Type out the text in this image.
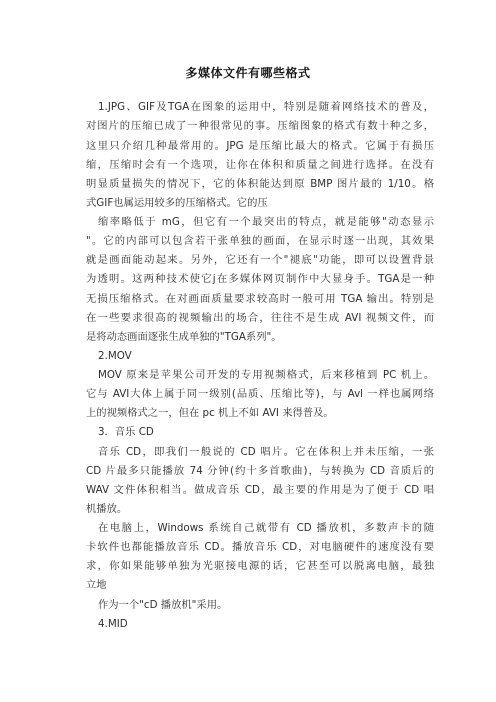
多媒体文件有哪些格式
1.JPG、GIF及TGA在图象的运用中，特别是随着网络技术的普及，
对图片的压缩已成了一种很常见的事。压缩图象的格式有数十种之多，
这里只介绍几种最常用的。JPG 是压缩比最大的格式。它属于有损压
缩，压缩时会有一个选项，让你在体积和质量之间进行选择。在没有
明显质量损失的情况下，它的体积能达到原 BMP 图片最的 1/10。格
式GIF也属运用较多的压缩格式。它的压
缩率略低于 mG，但它有一个最突出的特点，就是能够"动态显示
"。它的内部可以包含若干张单独的画面，在显示时逐一出现，其效果
就是画面能动起来。另外，它还有一个"褪底"功能，即可以设置背景
为透明。这两种技术使它j在多媒体网页制作中大显身手。TGA是一种
无损压缩格式。在对画面质量要求较高时一般可用 TGA 输出。特别是
在一些要求很高的视频输出的场合，往往不是生成 AVI 视频文件，而
是将动态画面逐张生成单独的"TGA系列"。
2.MOV
MOV 原来是苹果公司开发的专用视频格式，后来移植到 PC 机上。
它与 AVI大体上属于同一级别(品质、压缩比等)，与 Avl 一样也属网络
上的视频格式之一，但在 pc 机上不如 AVI 来得普及。
3．音乐 CD
音乐 CD，即我们一般说的 CD 唱片。它在体积上并未压缩，一张
CD 片最多只能播放 74 分钟(约十多首歌曲)，与转换为 CD 音质后的
WAV 文件体积相当。做成音乐 CD，最主要的作用是为了便于 CD 唱
机播放。
在电脑上，Windows 系统自己就带有 CD 播放机，多数声卡的随
卡软件也都能播放音乐 CD。播放音乐 CD，对电脑硬件的速度没有要
求，你如果能够单独为光驱接电源的话，它甚至可以脱离电脑，最独
立地
作为一个"cD 播放机"采用。
4.MID
